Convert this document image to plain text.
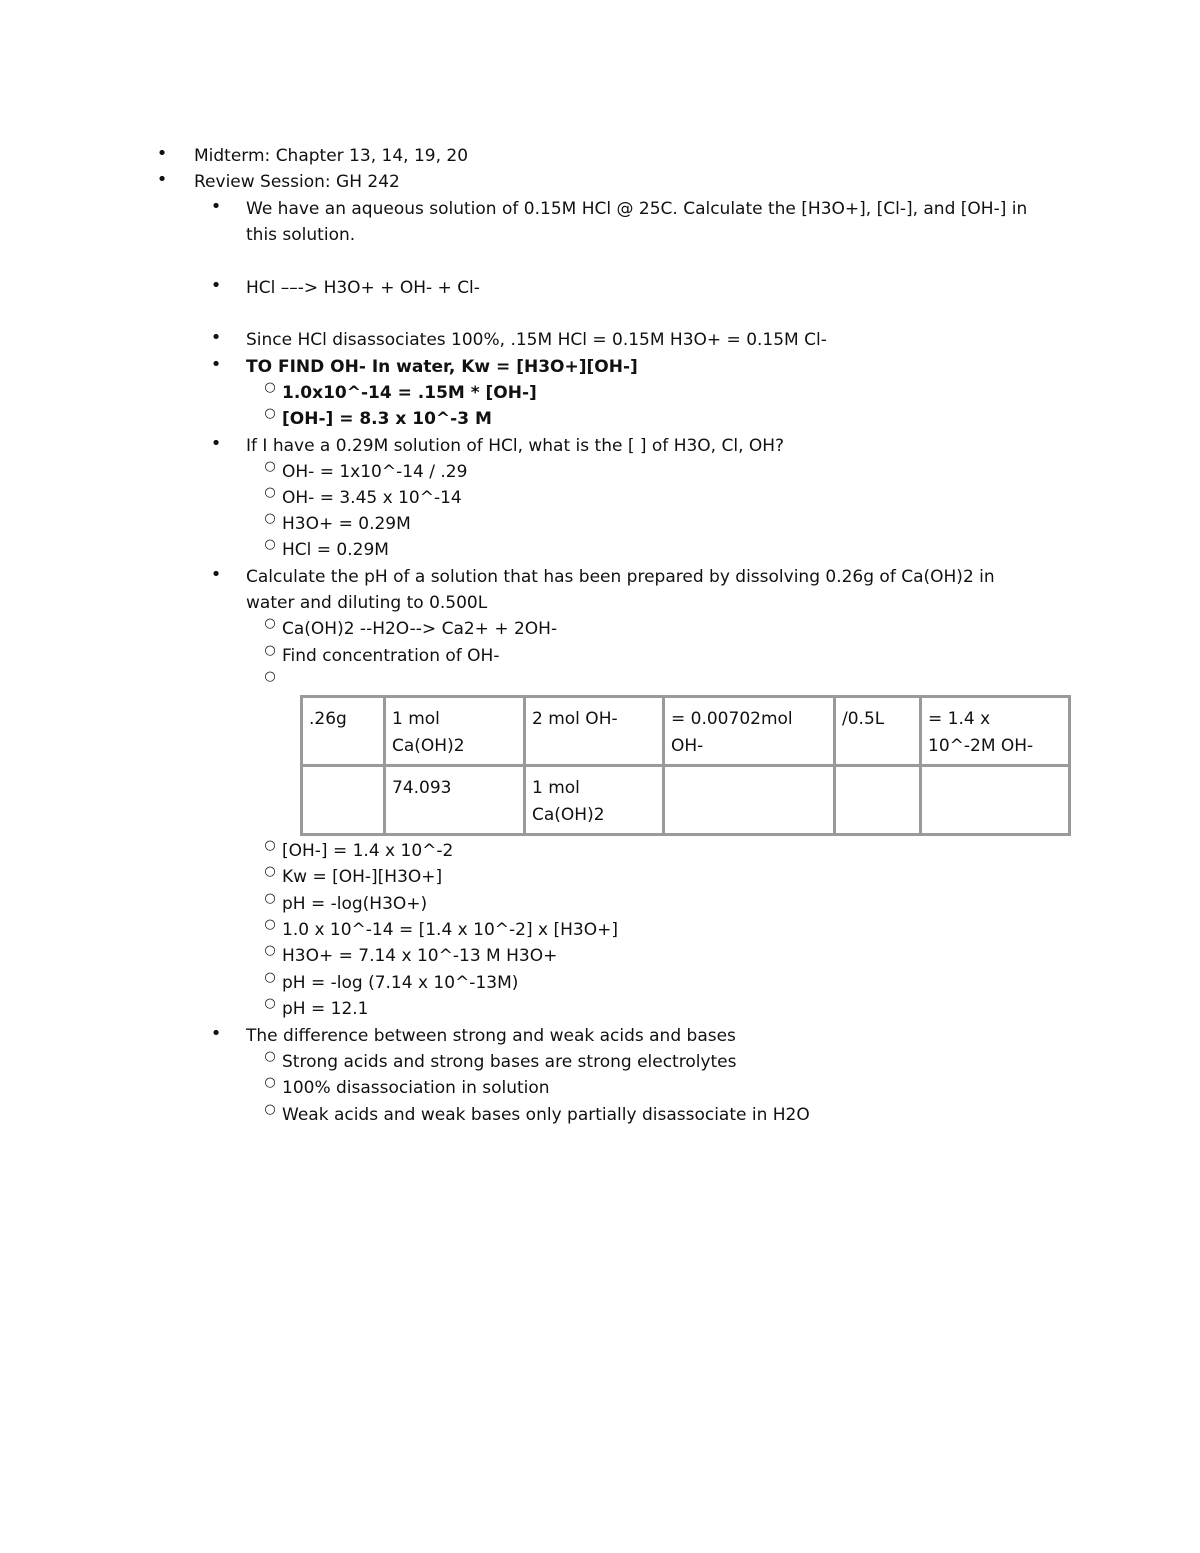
•
Midterm: Chapter 13, 14, 19, 20
•
Review Session: GH 242
•
We have an aqueous solution of 0.15M HCl @ 25C. Calculate the [H3O+], [Cl-], and [OH-] in
this solution.
•
HCl ––-> H3O+ + OH- + Cl-
•
Since HCl disassociates 100%, .15M HCl = 0.15M H3O+ = 0.15M Cl-
•
TO FIND OH- In water, Kw = [H3O+][OH-]
○ 1.0x10^-14 = .15M * [OH-]
○ [OH-] = 8.3 x 10^-3 M
•
If I have a 0.29M solution of HCl, what is the [ ] of H3O, Cl, OH?
○ OH- = 1x10^-14 / .29
○ OH- = 3.45 x 10^-14
○ H3O+ = 0.29M
○ HCl = 0.29M
•
Calculate the pH of a solution that has been prepared by dissolving 0.26g of Ca(OH)2 in
water and diluting to 0.500L
○ Ca(OH)2 --H2O--> Ca2+ + 2OH-
○ Find concentration of OH-
○
.26g	1 mol Ca(OH)2	2 mol OH-	= 0.00702mol OH-	/0.5L	= 1.4 x 10^-2M OH-
	74.093	1 mol Ca(OH)2			
○ [OH-] = 1.4 x 10^-2
○ Kw = [OH-][H3O+]
○ pH = -log(H3O+)
○ 1.0 x 10^-14 = [1.4 x 10^-2] x [H3O+]
○ H3O+ = 7.14 x 10^-13 M H3O+
○ pH = -log (7.14 x 10^-13M)
○ pH = 12.1
•
The difference between strong and weak acids and bases
○ Strong acids and strong bases are strong electrolytes
○ 100% disassociation in solution
○ Weak acids and weak bases only partially disassociate in H2O
